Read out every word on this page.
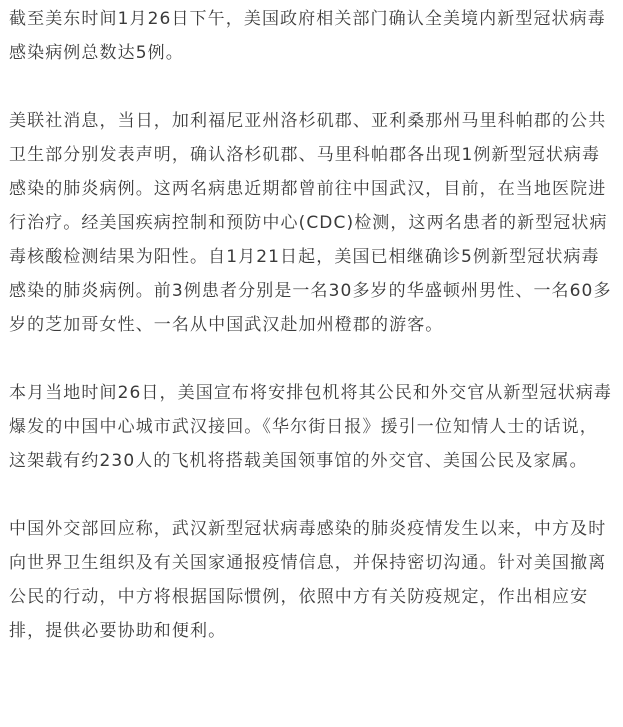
截至美东时间1月26日下午，美国政府相关部门确认全美境内新型冠状病毒感染病例总数达5例。

美联社消息，当日，加利福尼亚州洛杉矶郡、亚利桑那州马里科帕郡的公共卫生部分别发表声明，确认洛杉矶郡、马里科帕郡各出现1例新型冠状病毒感染的肺炎病例。这两名病患近期都曾前往中国武汉，目前，在当地医院进行治疗。经美国疾病控制和预防中心(CDC)检测，这两名患者的新型冠状病毒核酸检测结果为阳性。自1月21日起，美国已相继确诊5例新型冠状病毒感染的肺炎病例。前3例患者分别是一名30多岁的华盛顿州男性、一名60多岁的芝加哥女性、一名从中国武汉赴加州橙郡的游客。

本月当地时间26日，美国宣布将安排包机将其公民和外交官从新型冠状病毒爆发的中国中心城市武汉接回。《华尔街日报》援引一位知情人士的话说，这架载有约230人的飞机将搭载美国领事馆的外交官、美国公民及家属。

中国外交部回应称，武汉新型冠状病毒感染的肺炎疫情发生以来，中方及时向世界卫生组织及有关国家通报疫情信息，并保持密切沟通。针对美国撤离公民的行动，中方将根据国际惯例，依照中方有关防疫规定，作出相应安排，提供必要协助和便利。
